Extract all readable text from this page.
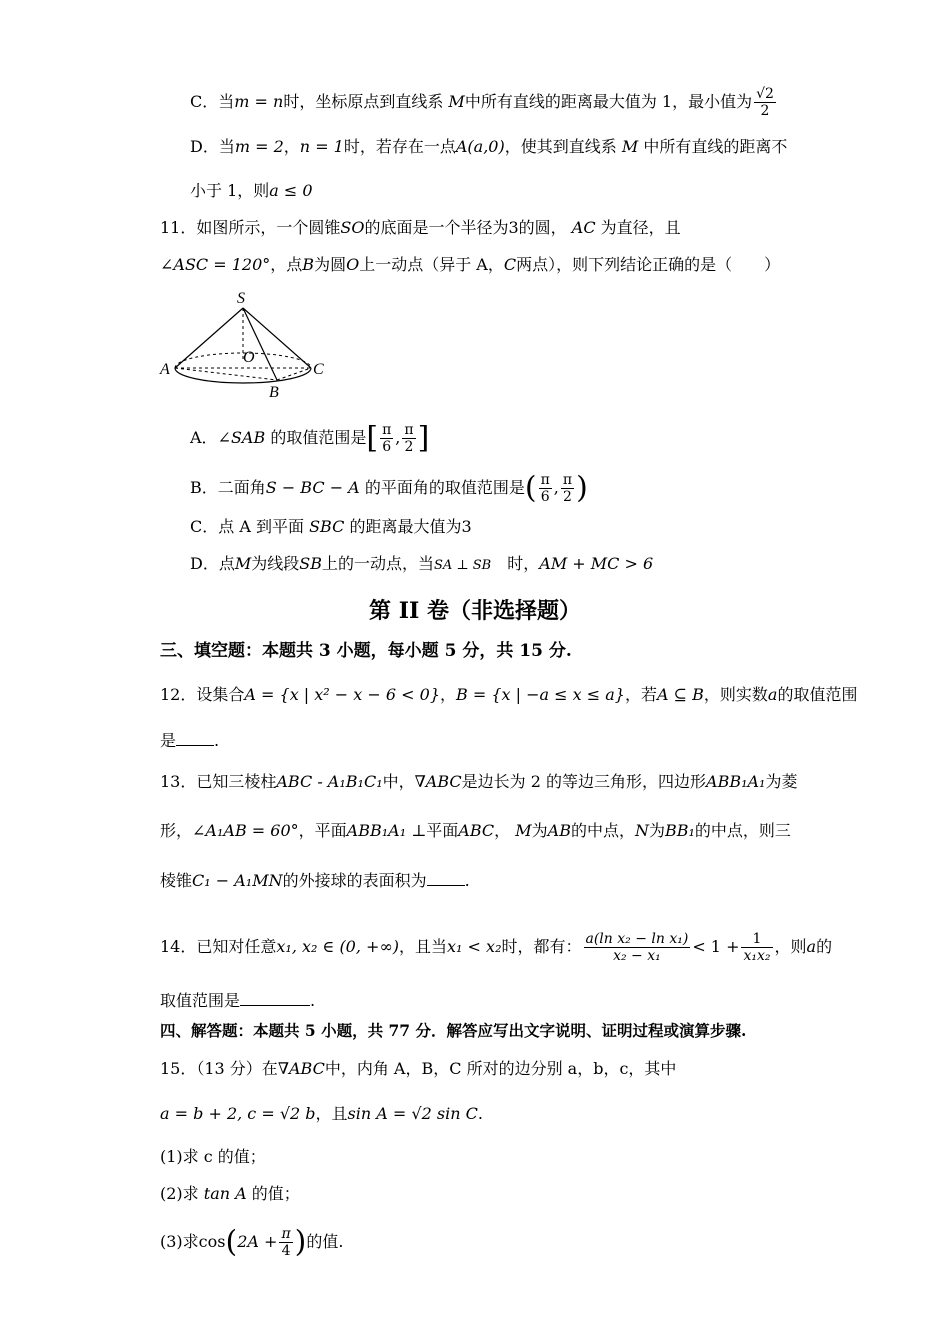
C．当m = n时，坐标原点到直线系 M中所有直线的距离最大值为 1，最小值为 $\frac{√2}{2}$
D．当m = 2，n = 1时，若存在一点A(a,0)，使其到直线系 M 中所有直线的距离不
小于 1，则a ≤ 0
11．如图所示，一个圆锥SO的底面是一个半径为3的圆， AC 为直径，且
∠ASC = 120°，点B为圆O上一动点（异于 A，C两点），则下列结论正确的是（　　）
S
O
A	C
B
A．∠SAB 的取值范围是[ $\frac{\pi}{6}$ , $\frac{\pi}{2}$ ]
B．二面角S − BC − A 的平面角的取值范围是( $\frac{\pi}{6}$ , $\frac{\pi}{2}$ )
C．点 A 到平面 SBC 的距离最大值为3
D．点M为线段SB上的一动点，当SA ⊥ SB　 时，AM + MC > 6
第 II 卷（非选择题）
三、填空题：本题共 3 小题，每小题 5 分，共 15 分.
12．设集合A = {x | x² − x − 6 < 0}，B = {x | −a ≤ x ≤ a}，若A ⊆ B，则实数a的取值范围
是 .
13．已知三棱柱ABC - A₁B₁C₁中，∇ABC是边长为 2 的等边三角形，四边形ABB₁A₁为菱
形，∠A₁AB = 60°，平面ABB₁A₁ ⊥平面ABC， M为AB的中点，N为BB₁的中点，则三
棱锥C₁ − A₁MN的外接球的表面积为 .
14．已知对任意x₁, x₂ ∈ (0, +∞)，且当x₁ < x₂时，都有： $\frac{\text{a(ln x₂ − ln x₁)}}{\text{x₂ − x₁}} < 1 + \frac{1}{\text{x₁x₂}}$ ，则a的
取值范围是	.
四、解答题：本题共 5 小题，共 77 分．解答应写出文字说明、证明过程或演算步骤.
15．（13 分）在∇ABC中，内角 A，B，C 所对的边分别 a，b，c，其中
a = b + 2, c = √2 b，且sin A = √2 sin C.
(1)求 c 的值；
(2)求 tan A 的值；
(3)求$\cos(2A + \frac{\pi}{4}$ )的值.
